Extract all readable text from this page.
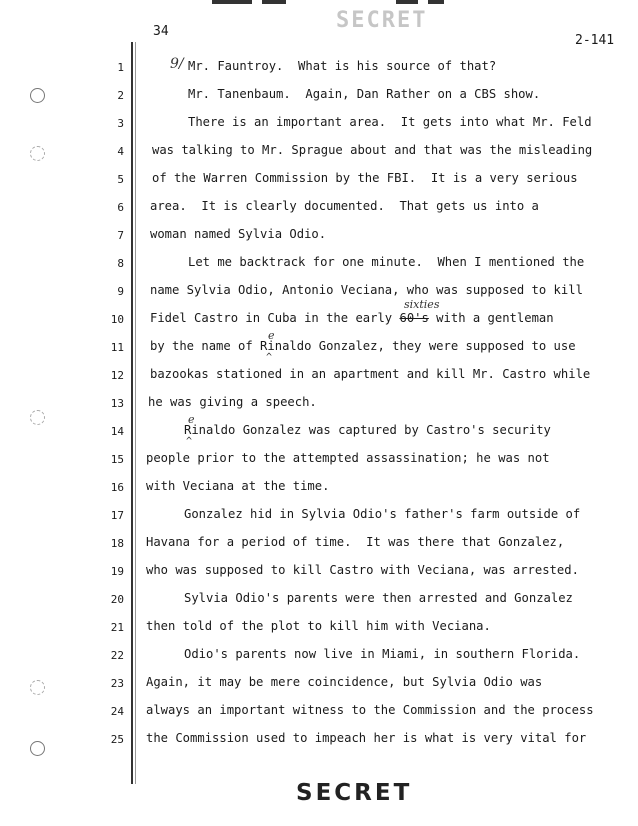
34	SECRET
2-141
1
2
3
4
5
6
7
8
9
10
11
12
13
14
15
16
17
18
19
20
21
22
23
24
25
9/ Mr. Fauntroy.  What is his source of that?
Mr. Tanenbaum.  Again, Dan Rather on a CBS show.
There is an important area.  It gets into what Mr. Feld
was talking to Mr. Sprague about and that was the misleading
of the Warren Commission by the FBI.  It is a very serious
area.  It is clearly documented.  That gets us into a
woman named Sylvia Odio.
Let me backtrack for one minute.  When I mentioned the
name Sylvia Odio, Antonio Veciana, who was supposed to kill
sixties
Fidel Castro in Cuba in the early 60's with a gentleman
e
^
by the name of Rinaldo Gonzalez, they were supposed to use
bazookas stationed in an apartment and kill Mr. Castro while
he was giving a speech.
e
^
Rinaldo Gonzalez was captured by Castro's security
people prior to the attempted assassination; he was not
with Veciana at the time.
Gonzalez hid in Sylvia Odio's father's farm outside of
Havana for a period of time.  It was there that Gonzalez,
who was supposed to kill Castro with Veciana, was arrested.
Sylvia Odio's parents were then arrested and Gonzalez
then told of the plot to kill him with Veciana.
Odio's parents now live in Miami, in southern Florida.
Again, it may be mere coincidence, but Sylvia Odio was
always an important witness to the Commission and the process
the Commission used to impeach her is what is very vital for
SECRET
